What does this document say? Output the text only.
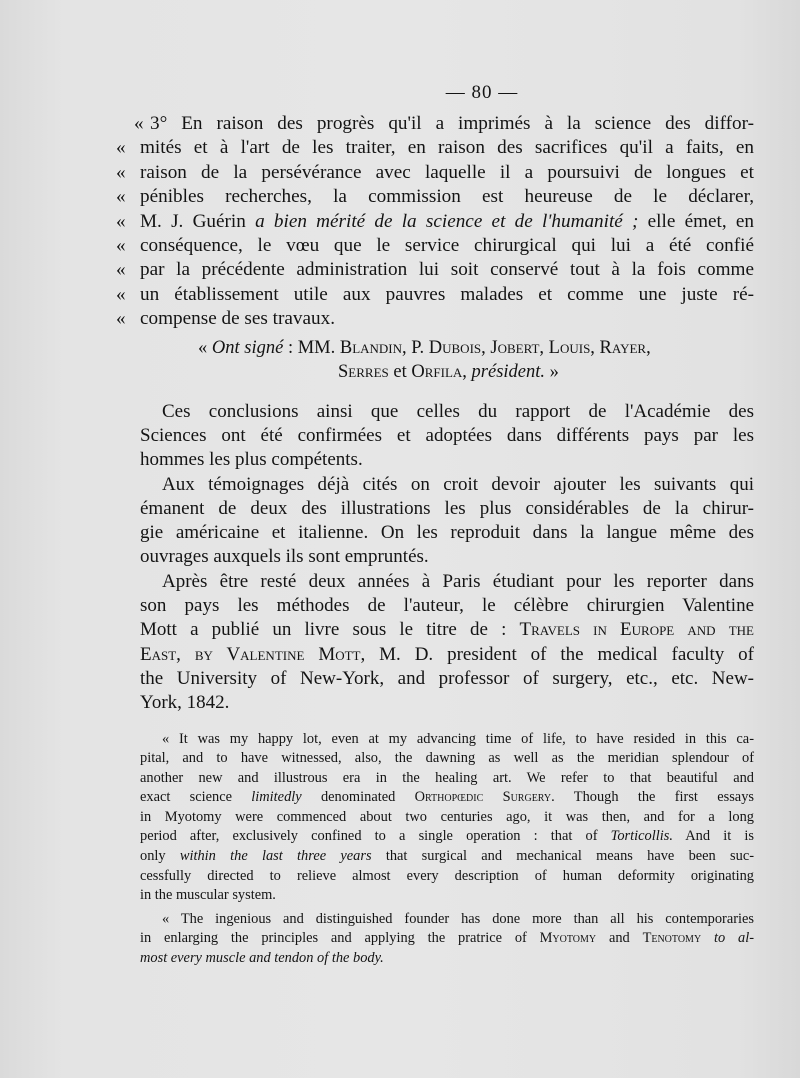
— 80 —

« 3° En raison des progrès qu'il a imprimés à la science des diffor-

« mités et à l'art de les traiter, en raison des sacrifices qu'il a faits, en

« raison de la persévérance avec laquelle il a poursuivi de longues et

« pénibles recherches, la commission est heureuse de le déclarer,

« M. J. Guérin a bien mérité de la science et de l'humanité ; elle émet, en

« conséquence, le vœu que le service chirurgical qui lui a été confié

« par la précédente administration lui soit conservé tout à la fois comme

« un établissement utile aux pauvres malades et comme une juste ré-

« compense de ses travaux.

« Ont signé : MM. Blandin, P. Dubois, Jobert, Louis, Rayer,
Serres et Orfila, président. »

Ces conclusions ainsi que celles du rapport de l'Académie des
Sciences ont été confirmées et adoptées dans différents pays par les
hommes les plus compétents.

Aux témoignages déjà cités on croit devoir ajouter les suivants qui
émanent de deux des illustrations les plus considérables de la chirur-
gie américaine et italienne. On les reproduit dans la langue même des
ouvrages auxquels ils sont empruntés.

Après être resté deux années à Paris étudiant pour les reporter dans
son pays les méthodes de l'auteur, le célèbre chirurgien Valentine
Mott a publié un livre sous le titre de : Travels in Europe and the
East, by Valentine Mott, M. D. president of the medical faculty of
the University of New-York, and professor of surgery, etc., etc. New-
York, 1842.

« It was my happy lot, even at my advancing time of life, to have resided in this ca-
pital, and to have witnessed, also, the dawning as well as the meridian splendour of
another new and illustrous era in the healing art. We refer to that beautiful and
exact science limitedly denominated Orthopœdic Surgery. Though the first essays
in Myotomy were commenced about two centuries ago, it was then, and for a long
period after, exclusively confined to a single operation : that of Torticollis. And it is
only within the last three years that surgical and mechanical means have been suc-
cessfully directed to relieve almost every description of human deformity originating
in the muscular system.
« The ingenious and distinguished founder has done more than all his contemporaries
in enlarging the principles and applying the pratrice of Myotomy and Tenotomy to al-
most every muscle and tendon of the body.
